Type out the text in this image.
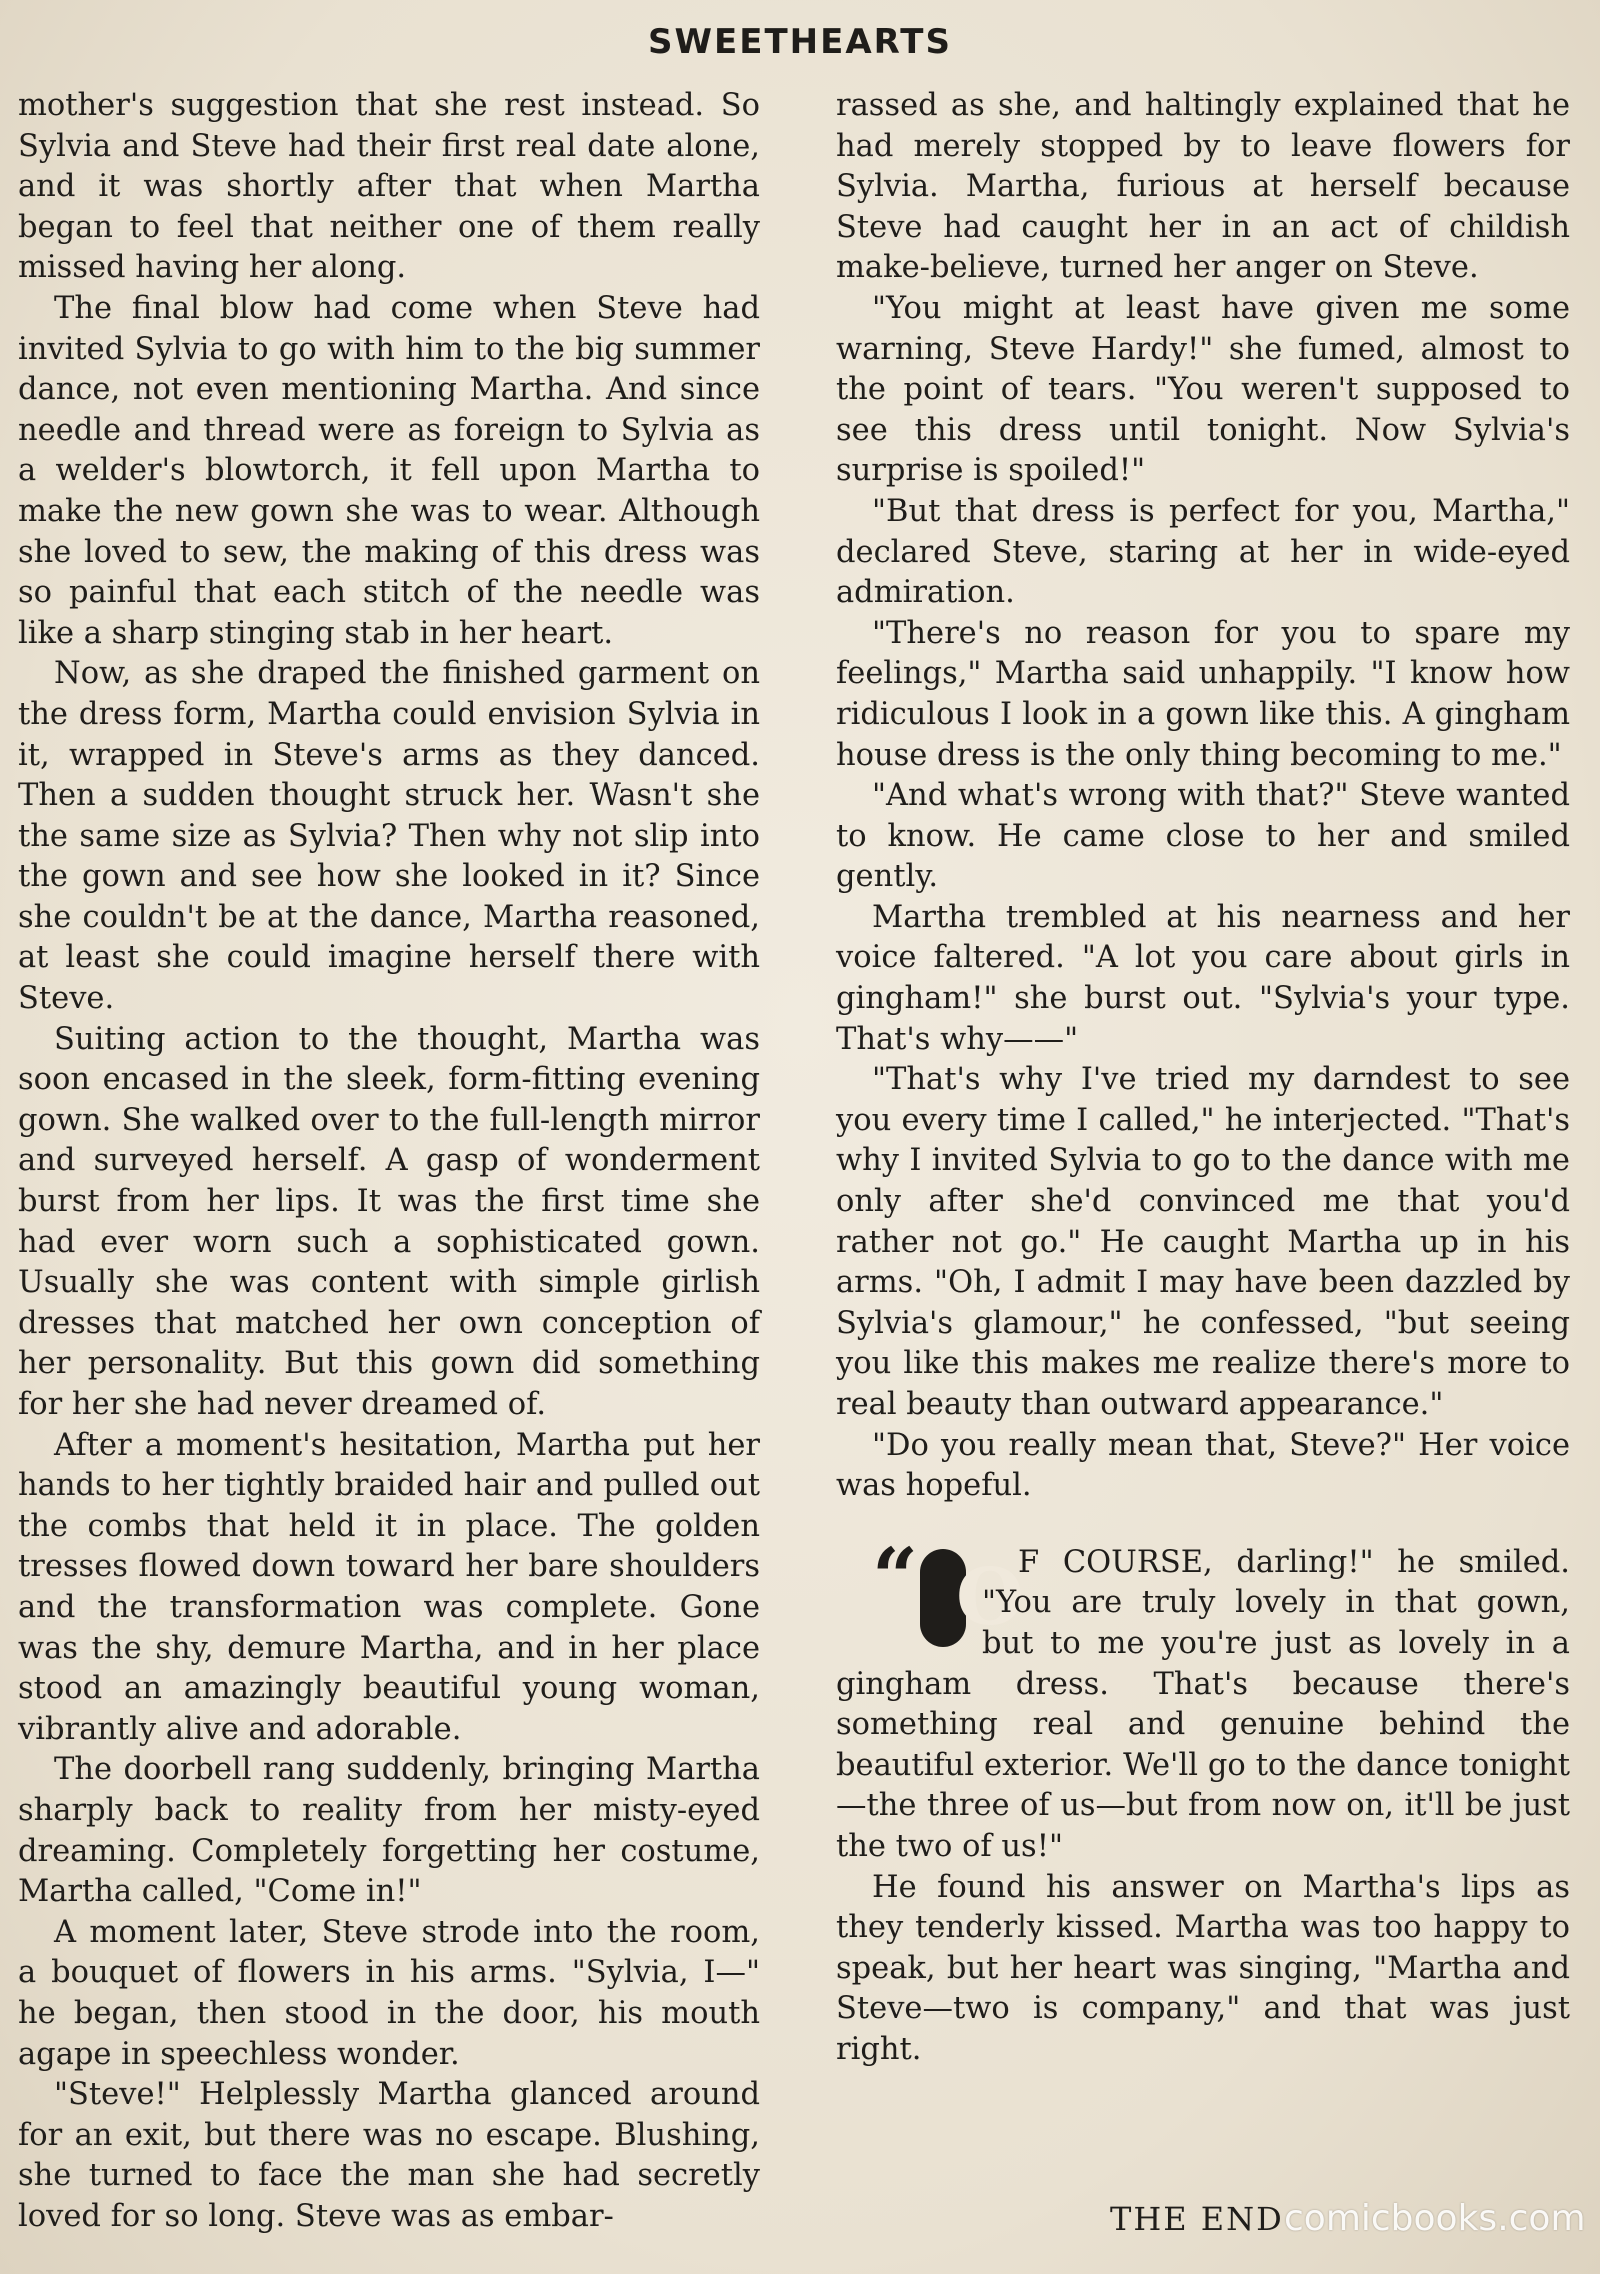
SWEETHEARTS

mother's suggestion that she rest instead. So Sylvia and Steve had their first real date alone, and it was shortly after that when Martha began to feel that neither one of them really missed having her along.

The final blow had come when Steve had invited Sylvia to go with him to the big summer dance, not even mentioning Martha. And since needle and thread were as foreign to Sylvia as a welder's blowtorch, it fell upon Martha to make the new gown she was to wear. Although she loved to sew, the making of this dress was so painful that each stitch of the needle was like a sharp stinging stab in her heart.

Now, as she draped the finished garment on the dress form, Martha could envision Sylvia in it, wrapped in Steve's arms as they danced. Then a sudden thought struck her. Wasn't she the same size as Sylvia? Then why not slip into the gown and see how she looked in it? Since she couldn't be at the dance, Martha reasoned, at least she could imagine herself there with Steve.

Suiting action to the thought, Martha was soon encased in the sleek, form-fitting evening gown. She walked over to the full-length mirror and surveyed herself. A gasp of wonderment burst from her lips. It was the first time she had ever worn such a sophisticated gown. Usually she was content with simple girlish dresses that matched her own conception of her personality. But this gown did something for her she had never dreamed of.

After a moment's hesitation, Martha put her hands to her tightly braided hair and pulled out the combs that held it in place. The golden tresses flowed down toward her bare shoulders and the transformation was complete. Gone was the shy, demure Martha, and in her place stood an amazingly beautiful young woman, vibrantly alive and adorable.

The doorbell rang suddenly, bringing Martha sharply back to reality from her misty-eyed dreaming. Completely forgetting her costume, Martha called, "Come in!"

A moment later, Steve strode into the room, a bouquet of flowers in his arms. "Sylvia, I—" he began, then stood in the door, his mouth agape in speechless wonder.

"Steve!" Helplessly Martha glanced around for an exit, but there was no escape. Blushing, she turned to face the man she had secretly loved for so long. Steve was as embar-

rassed as she, and haltingly explained that he had merely stopped by to leave flowers for Sylvia. Martha, furious at herself because Steve had caught her in an act of childish make-believe, turned her anger on Steve.

"You might at least have given me some warning, Steve Hardy!" she fumed, almost to the point of tears. "You weren't supposed to see this dress until tonight. Now Sylvia's surprise is spoiled!"

"But that dress is perfect for you, Martha," declared Steve, staring at her in wide-eyed admiration.

"There's no reason for you to spare my feelings," Martha said unhappily. "I know how ridiculous I look in a gown like this. A gingham house dress is the only thing becoming to me."

"And what's wrong with that?" Steve wanted to know. He came close to her and smiled gently.

Martha trembled at his nearness and her voice faltered. "A lot you care about girls in gingham!" she burst out. "Sylvia's your type. That's why——"

"That's why I've tried my darndest to see you every time I called," he interjected. "That's why I invited Sylvia to go to the dance with me only after she'd convinced me that you'd rather not go." He caught Martha up in his arms. "Oh, I admit I may have been dazzled by Sylvia's glamour," he confessed, "but seeing you like this makes me realize there's more to real beauty than outward appearance."

"Do you really mean that, Steve?" Her voice was hopeful.

“ O
F COURSE, darling!" he smiled. "You are truly lovely in that gown, but to me you're just as lovely in a gingham dress. That's because there's something real and genuine behind the beautiful exterior. We'll go to the dance tonight—the three of us—but from now on, it'll be just the two of us!"

He found his answer on Martha's lips as they tenderly kissed. Martha was too happy to speak, but her heart was singing, "Martha and Steve—two is company," and that was just right.

THE END comicbooks.com
